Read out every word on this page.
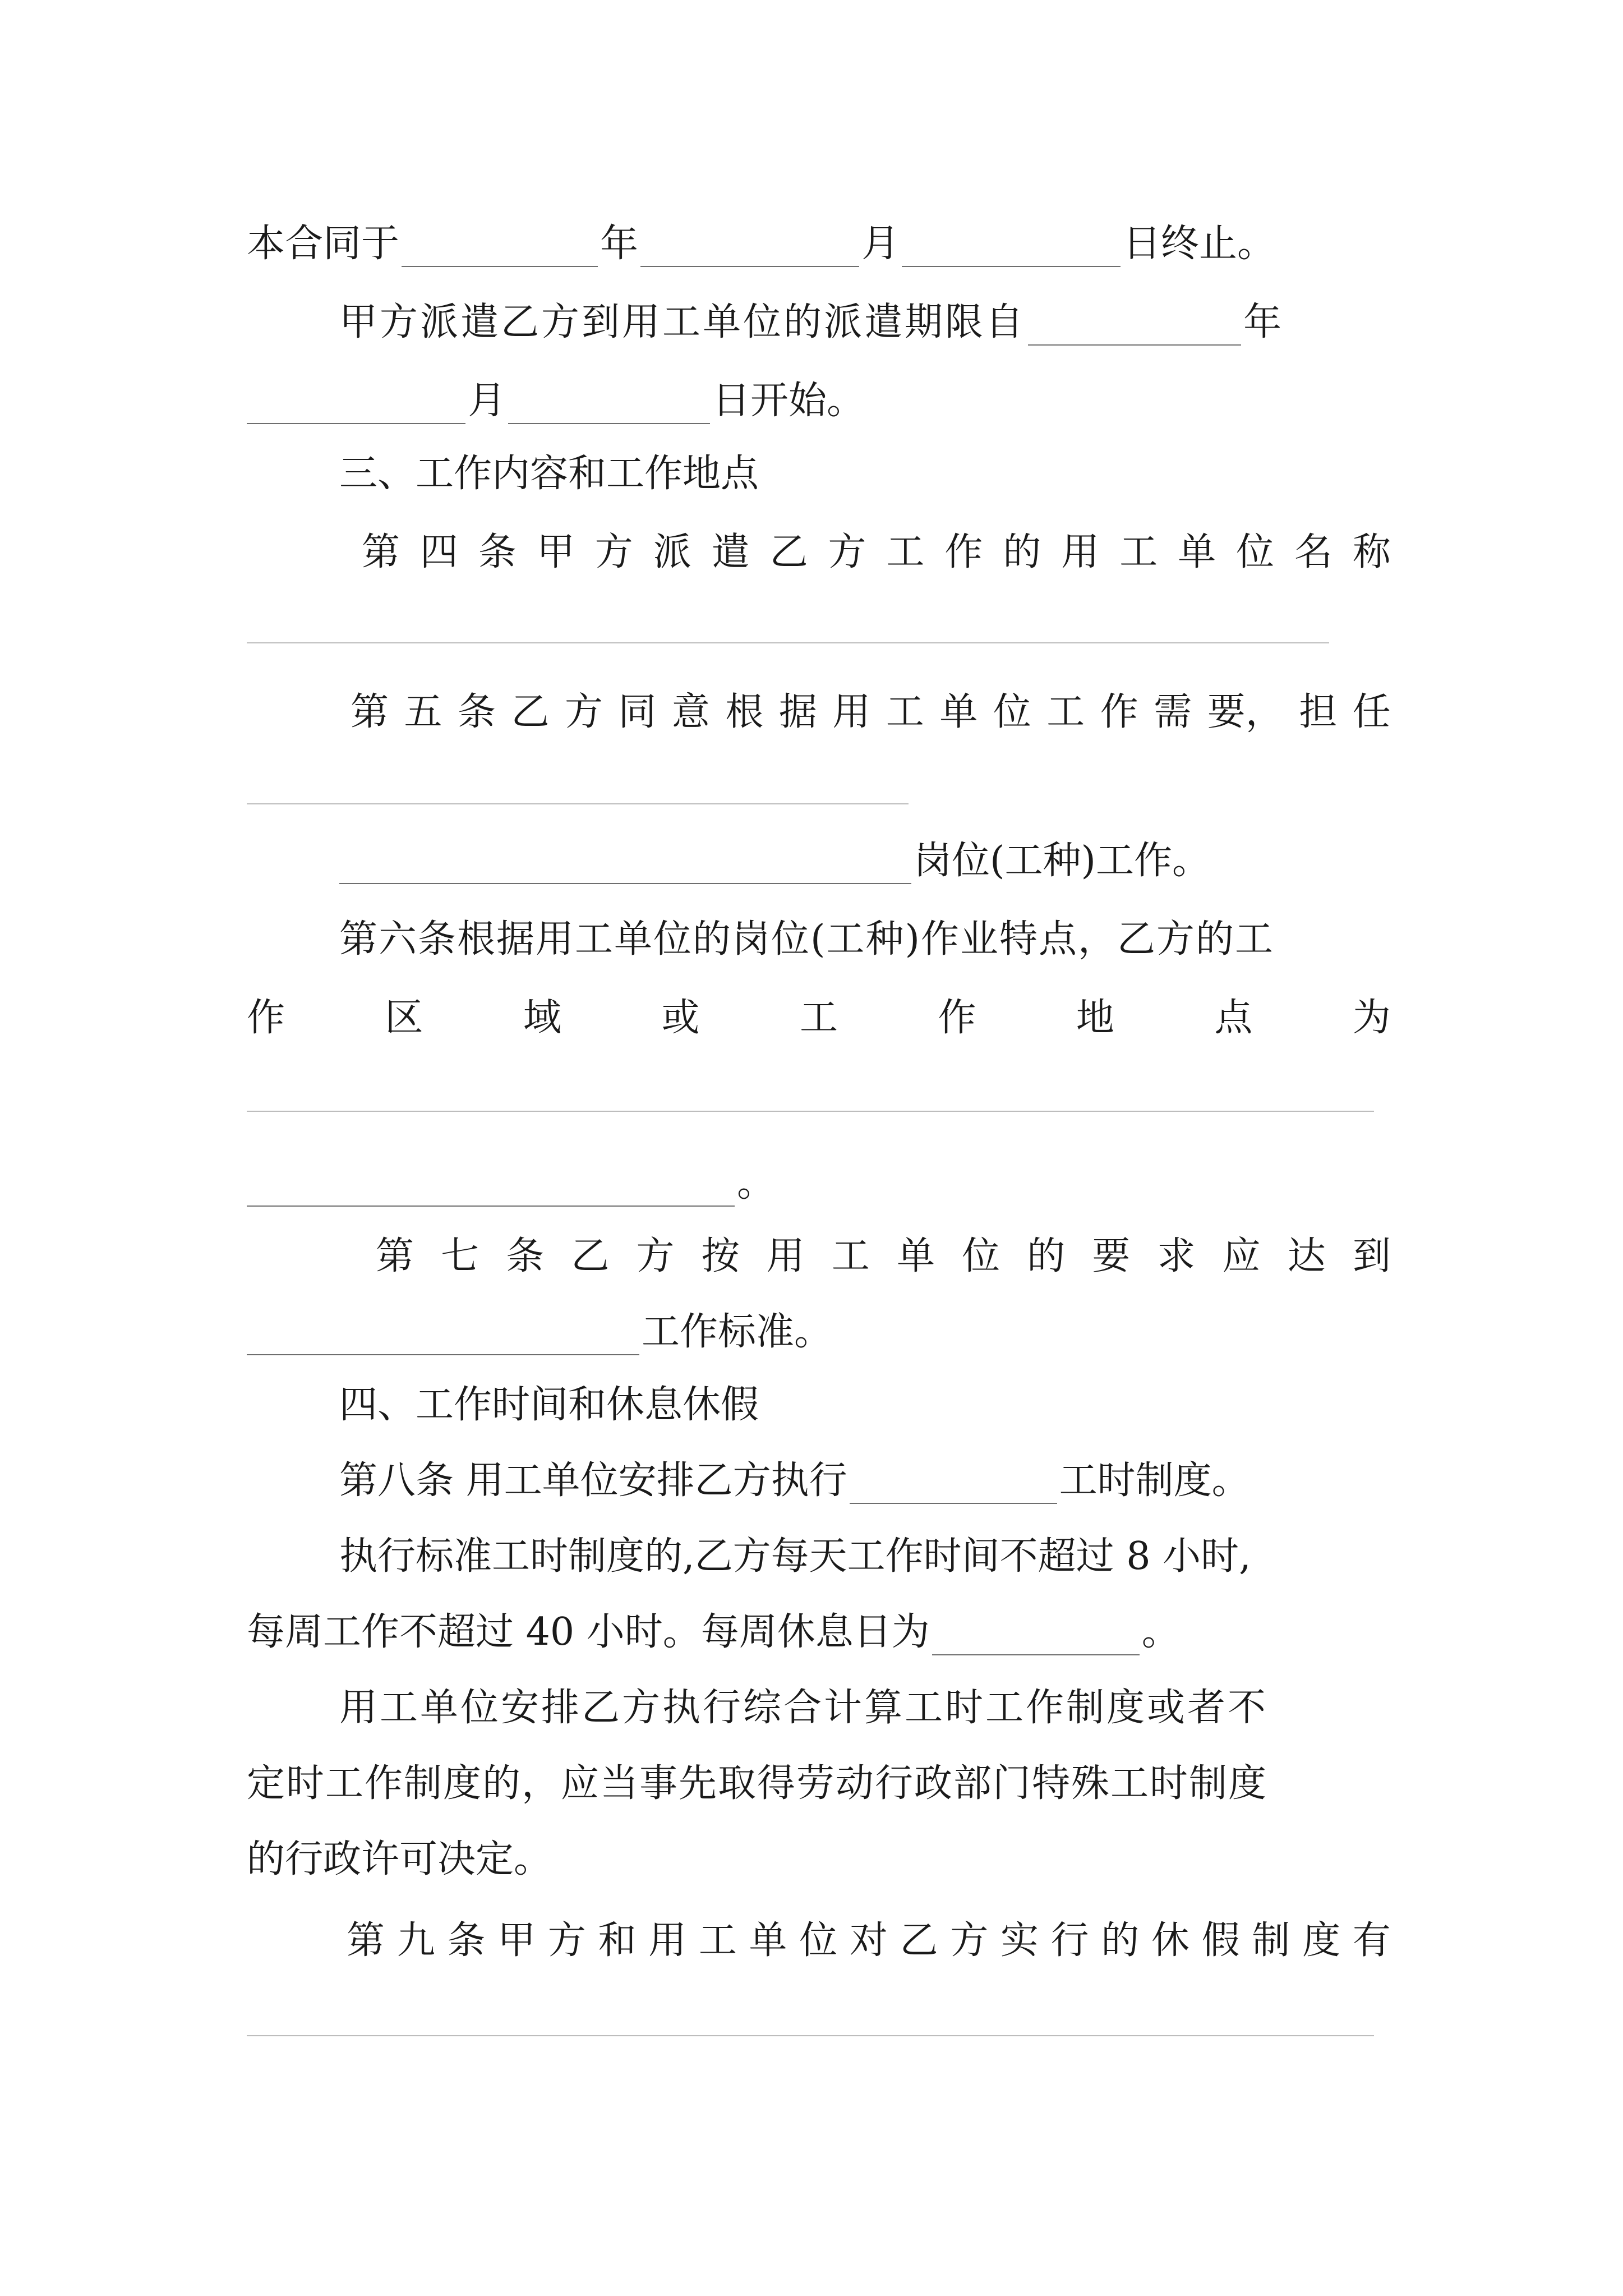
本合同于	年	月	日终止。
甲方派遣乙方到用工单位的派遣期限自	年
月	日开始。
三、工作内容和工作地点
第 四 条 甲 方 派 遣 乙 方 工 作 的 用 工 单 位 名 称
第 五 条 乙 方 同 意 根 据 用 工 单 位 工 作 需 要， 担 任
岗位(工种)工作。
第六条根据用工单位的岗位(工种)作业特点，乙方的工
作	区	域	或	工	作	地	点	为
。
第 七 条 乙 方 按 用 工 单 位 的 要 求 应 达 到
工作标准。
四、工作时间和休息休假
第八条 用工单位安排乙方执行	工时制度。
执行标准工时制度的,乙方每天工作时间不超过 8 小时,
每周工作不超过 40 小时。每周休息日为	。
用工单位安排乙方执行综合计算工时工作制度或者不
定时工作制度的，应当事先取得劳动行政部门特殊工时制度
的行政许可决定。
第 九 条 甲 方 和 用 工 单 位 对 乙 方 实 行 的 休 假 制 度 有
